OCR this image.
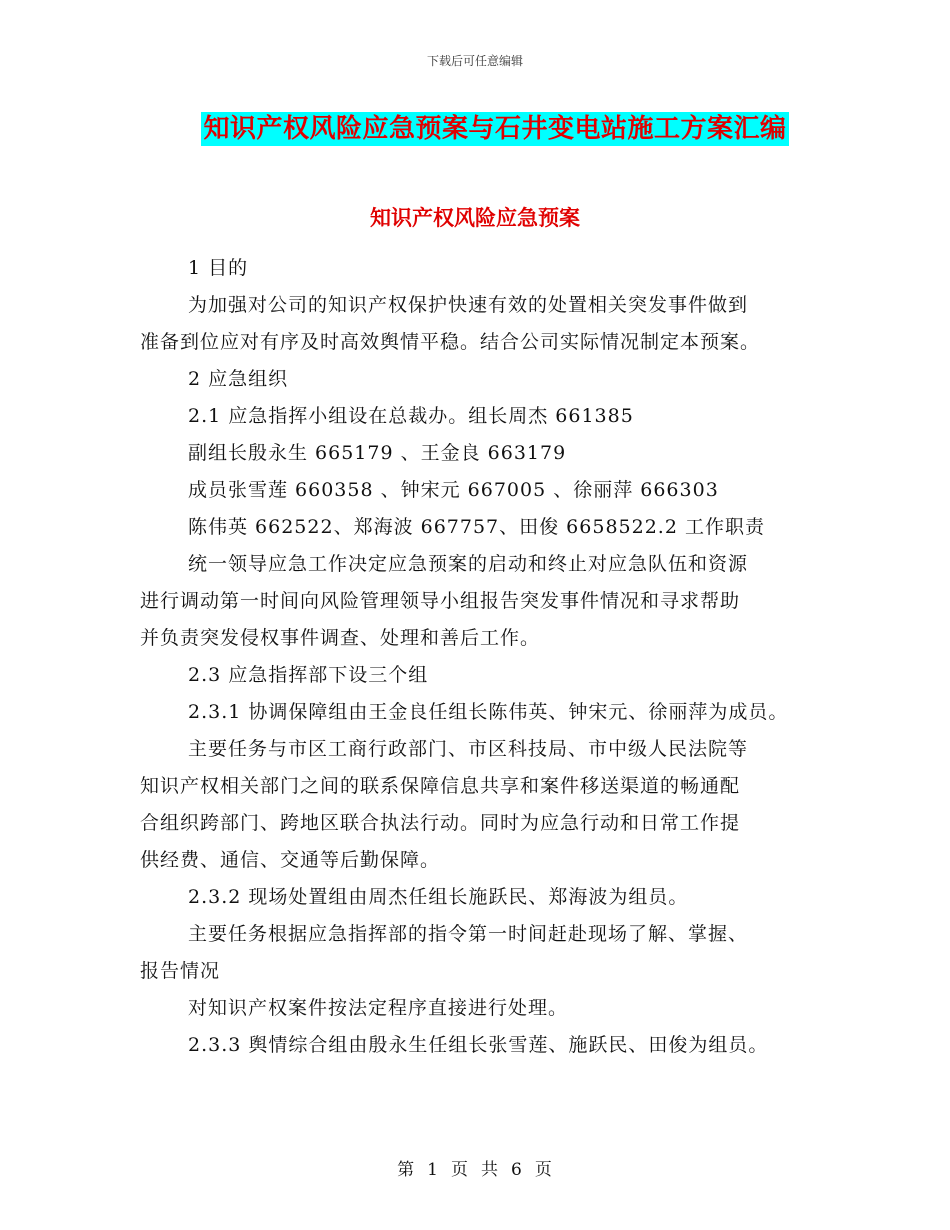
下载后可任意编辑
知识产权风险应急预案与石井变电站施工方案汇编
知识产权风险应急预案
1 目的
为加强对公司的知识产权保护快速有效的处置相关突发事件做到
准备到位应对有序及时高效舆情平稳。结合公司实际情况制定本预案。
2 应急组织
2.1 应急指挥小组设在总裁办。组长周杰 661385
副组长殷永生 665179 、王金良 663179
成员张雪莲 660358 、钟宋元 667005 、徐丽萍 666303
陈伟英 662522、郑海波 667757、田俊 6658522.2 工作职责
统一领导应急工作决定应急预案的启动和终止对应急队伍和资源
进行调动第一时间向风险管理领导小组报告突发事件情况和寻求帮助
并负责突发侵权事件调查、处理和善后工作。
2.3 应急指挥部下设三个组
2.3.1 协调保障组由王金良任组长陈伟英、钟宋元、徐丽萍为成员。
主要任务与市区工商行政部门、市区科技局、市中级人民法院等
知识产权相关部门之间的联系保障信息共享和案件移送渠道的畅通配
合组织跨部门、跨地区联合执法行动。同时为应急行动和日常工作提
供经费、通信、交通等后勤保障。
2.3.2 现场处置组由周杰任组长施跃民、郑海波为组员。
主要任务根据应急指挥部的指令第一时间赶赴现场了解、掌握、
报告情况
对知识产权案件按法定程序直接进行处理。
2.3.3 舆情综合组由殷永生任组长张雪莲、施跃民、田俊为组员。
第 1 页 共 6 页
